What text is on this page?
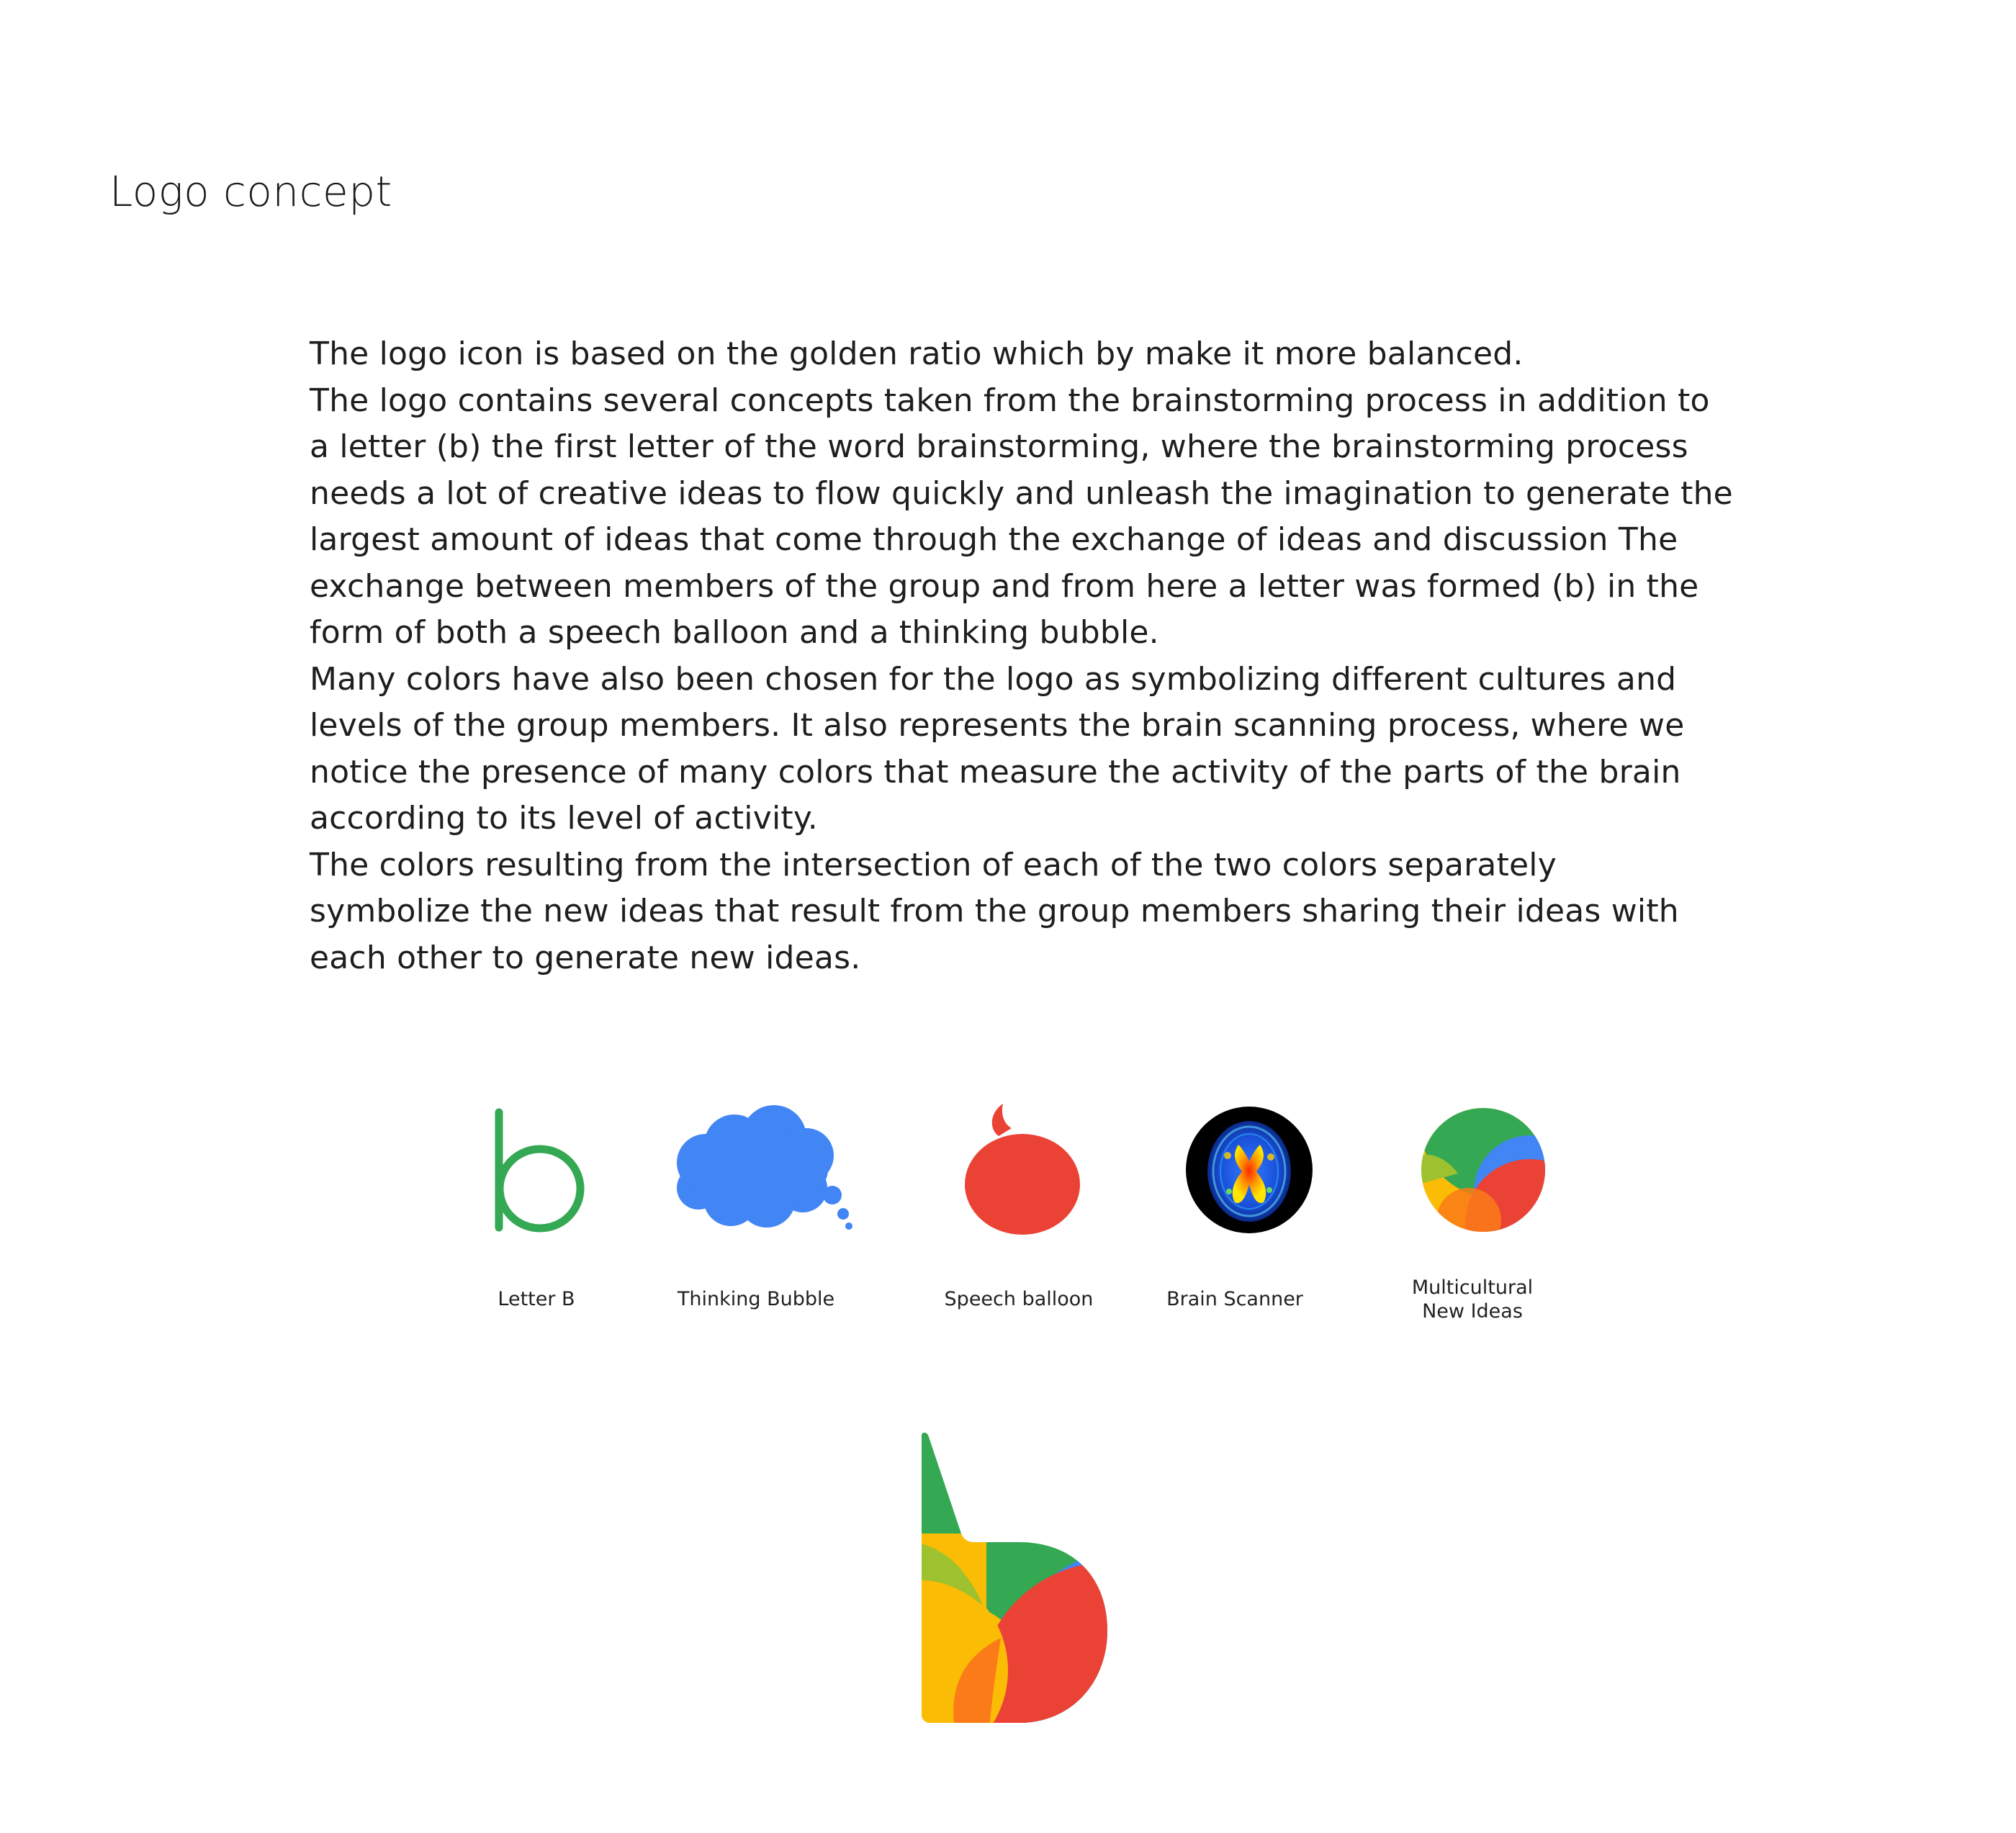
Logo concept

The logo icon is based on the golden ratio which by make it more balanced.

The logo contains several concepts taken from the brainstorming process in addition to

a letter (b) the first letter of the word brainstorming, where the brainstorming process

needs a lot of creative ideas to flow quickly and unleash the imagination to generate the

largest amount of ideas that come through the exchange of ideas and discussion The

exchange between members of the group and from here a letter was formed (b) in the

form of both a speech balloon and a thinking bubble.

Many colors have also been chosen for the logo as symbolizing different cultures and

levels of the group members. It also represents the brain scanning process, where we

notice the presence of many colors that measure the activity of the parts of the brain

according to its level of activity.

The colors resulting from the intersection of each of the two colors separately

symbolize the new ideas that result from the group members sharing their ideas with

each other to generate new ideas.

Letter B	Thinking Bubble	Speech balloon	Brain Scanner
Multicultural
New Ideas
